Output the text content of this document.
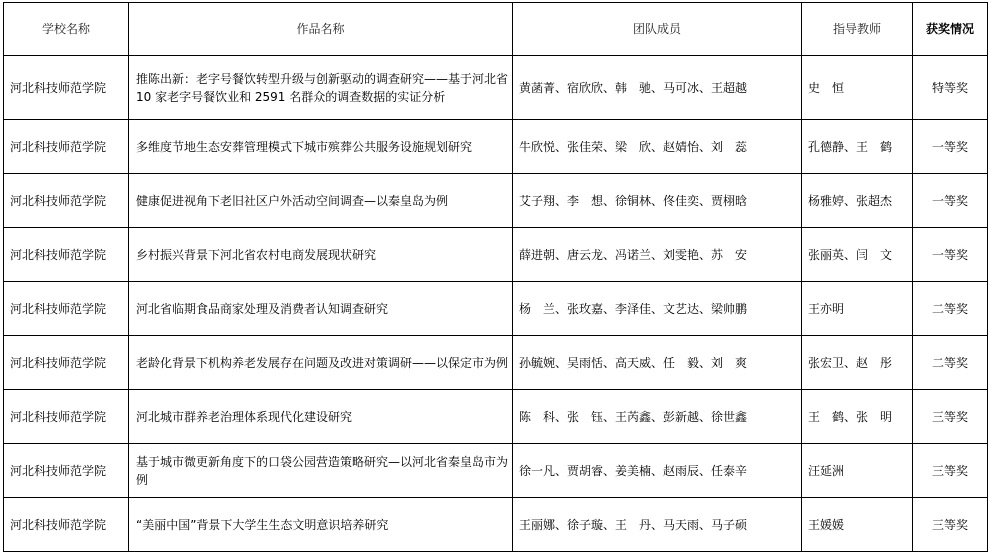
学校名称	作品名称	团队成员	指导教师	获奖情况
河北科技师范学院	推陈出新：老字号餐饮转型升级与创新驱动的调查研究——基于河北省 10 家老字号餐饮业和 2591 名群众的调查数据的实证分析	黄菡菁、宿欣欣、韩　驰、马可冰、王超越	史　恒	特等奖
河北科技师范学院	多维度节地生态安葬管理模式下城市殡葬公共服务设施规划研究	牛欣悦、张佳荣、梁　欣、赵婧怡、刘　蕊	孔德静、王　鹤	一等奖
河北科技师范学院	健康促进视角下老旧社区户外活动空间调查—以秦皇岛为例	艾子翔、李　想、徐铜林、佟佳奕、贾栩晗	杨雅婷、张超杰	一等奖
河北科技师范学院	乡村振兴背景下河北省农村电商发展现状研究	薛进朝、唐云龙、冯诺兰、刘雯艳、苏　安	张丽英、闫　文	一等奖
河北科技师范学院	河北省临期食品商家处理及消费者认知调查研究	杨　兰、张玫嘉、李泽佳、文艺达、梁帅鹏	王亦明	二等奖
河北科技师范学院	老龄化背景下机构养老发展存在问题及改进对策调研——以保定市为例	孙毓婉、吴雨恬、高天威、任　毅、刘　爽	张宏卫、赵　彤	二等奖
河北科技师范学院	河北城市群养老治理体系现代化建设研究	陈　科、张　钰、王芮鑫、彭新越、徐世鑫	王　鹤、张　明	三等奖
河北科技师范学院	基于城市微更新角度下的口袋公园营造策略研究—以河北省秦皇岛市为例	徐一凡、贾胡睿、姜美楠、赵雨辰、任泰辛	汪延洲	三等奖
河北科技师范学院	“美丽中国”背景下大学生生态文明意识培养研究	王丽娜、徐子璇、王　丹、马天雨、马子硕	王媛媛	三等奖
